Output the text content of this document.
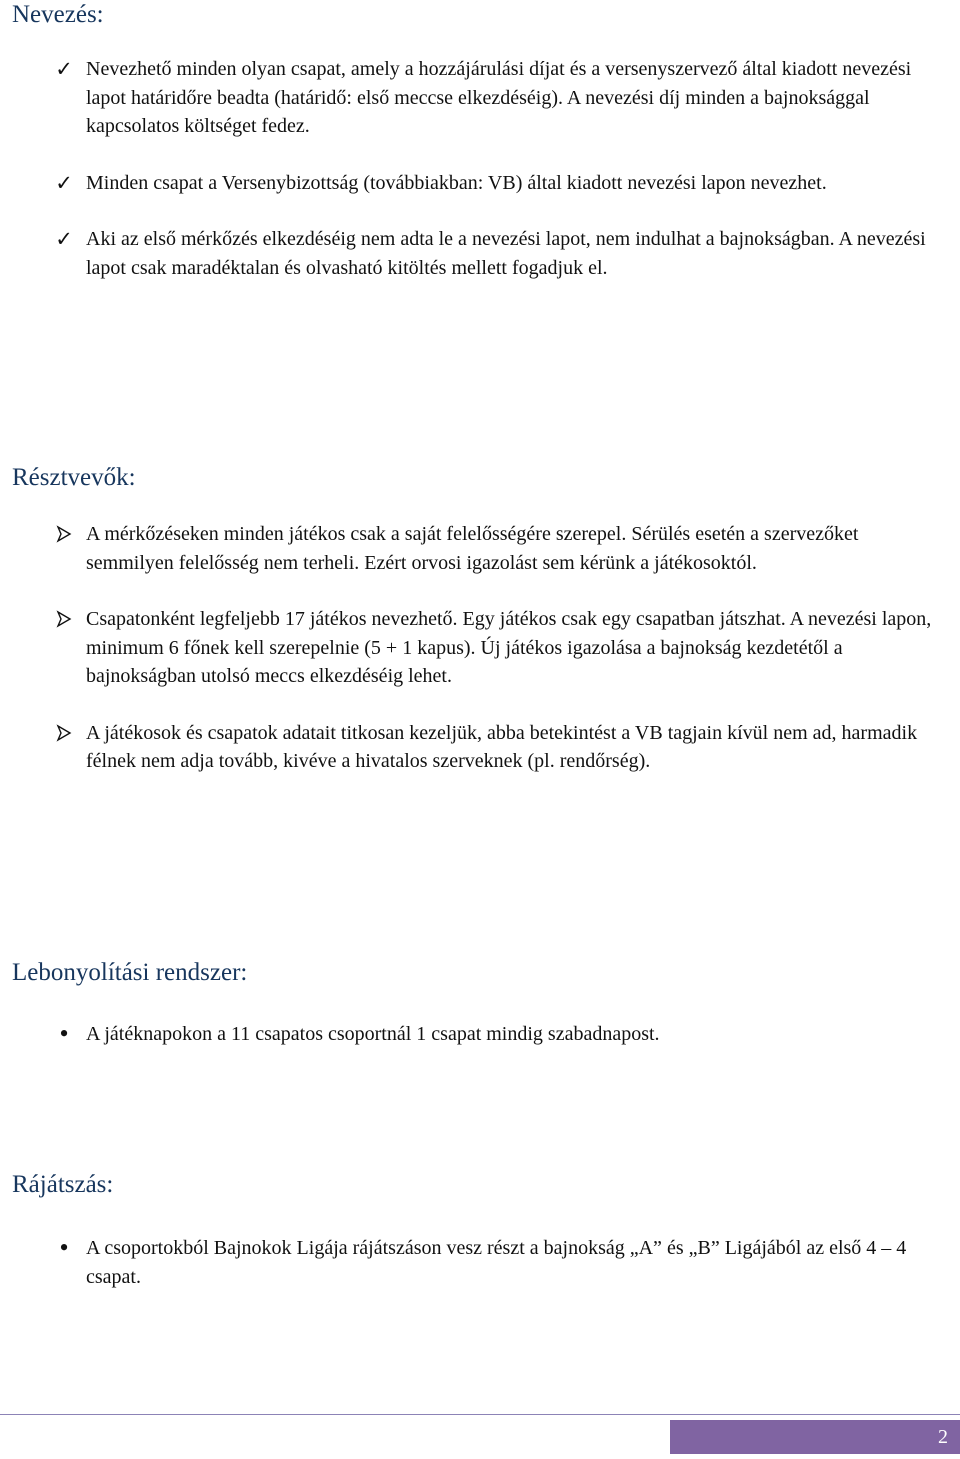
Nevezés:
✓ Nevezhető minden olyan csapat, amely a hozzájárulási díjat és a versenyszervező által kiadott nevezési lapot határidőre beadta (határidő: első meccse elkezdéséig). A nevezési díj minden a bajnoksággal kapcsolatos költséget fedez.
✓ Minden csapat a Versenybizottság (továbbiakban: VB) által kiadott nevezési lapon nevezhet.
✓ Aki az első mérkőzés elkezdéséig nem adta le a nevezési lapot, nem indulhat a bajnokságban. A nevezési lapot csak maradéktalan és olvasható kitöltés mellett fogadjuk el.
Résztvevők:
A mérkőzéseken minden játékos csak a saját felelősségére szerepel. Sérülés esetén a szervezőket semmilyen felelősség nem terheli. Ezért orvosi igazolást sem kérünk a játékosoktól.
Csapatonként legfeljebb 17 játékos nevezhető. Egy játékos csak egy csapatban játszhat. A nevezési lapon, minimum 6 főnek kell szerepelnie (5 + 1 kapus). Új játékos igazolása a bajnokság kezdetétől a bajnokságban utolsó meccs elkezdéséig lehet.
A játékosok és csapatok adatait titkosan kezeljük, abba betekintést a VB tagjain kívül nem ad, harmadik félnek nem adja tovább, kivéve a hivatalos szerveknek (pl. rendőrség).
Lebonyolítási rendszer:
• A játéknapokon a 11 csapatos csoportnál 1 csapat mindig szabadnapost.
Rájátszás:
• A csoportokból Bajnokok Ligája rájátszáson vesz részt a bajnokság „A” és „B” Ligájából az első 4 – 4 csapat.
2
